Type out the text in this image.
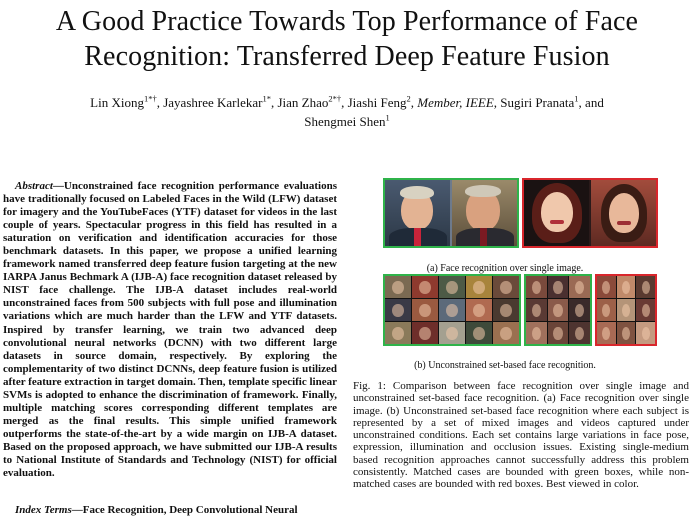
A Good Practice Towards Top Performance of Face
Recognition: Transferred Deep Feature Fusion

Lin Xiong$^{1*\dagger}$, Jayashree Karlekar$^{1*}$, Jian Zhao$^{2*\dagger}$, Jiashi Feng$^2$, Member, IEEE, Sugiri Pranata$^1$, and
Shengmei Shen$^1$

Abstract—Unconstrained face recognition performance evaluations have traditionally focused on Labeled Faces in the Wild (LFW) dataset for imagery and the YouTubeFaces (YTF) dataset for videos in the last couple of years. Spectacular progress in this field has resulted in a saturation on verification and identification accuracies for those benchmark datasets. In this paper, we propose a unified learning framework named transferred deep feature fusion targeting at the new IARPA Janus Bechmark A (IJB-A) face recognition dataset released by NIST face challenge. The IJB-A dataset includes real-world unconstrained faces from 500 subjects with full pose and illumination variations which are much harder than the LFW and YTF datasets. Inspired by transfer learning, we train two advanced deep convolutional neural networks (DCNN) with two different large datasets in source domain, respectively. By exploring the complementarity of two distinct DCNNs, deep feature fusion is utilized after feature extraction in target domain. Then, template specific linear SVMs is adopted to enhance the discrimination of framework. Finally, multiple matching scores corresponding different templates are merged as the final results. This simple unified framework outperforms the state-of-the-art by a wide margin on IJB-A dataset. Based on the proposed approach, we have submitted our IJB-A results to National Institute of Standards and Technology (NIST) for official evaluation.

Index Terms—Face Recognition, Deep Convolutional Neural

(a) Face recognition over single image.

(b) Unconstrained set-based face recognition.

Fig. 1: Comparison between face recognition over single image and unconstrained set-based face recognition. (a) Face recognition over single image. (b) Unconstrained set-based face recognition where each subject is represented by a set of mixed images and videos captured under unconstrained conditions. Each set contains large variations in face pose, expression, illumination and occlusion issues. Existing single-medium based recognition approaches cannot successfully address this problem consistently. Matched cases are bounded with green boxes, while non-matched cases are bounded with red boxes. Best viewed in color.
